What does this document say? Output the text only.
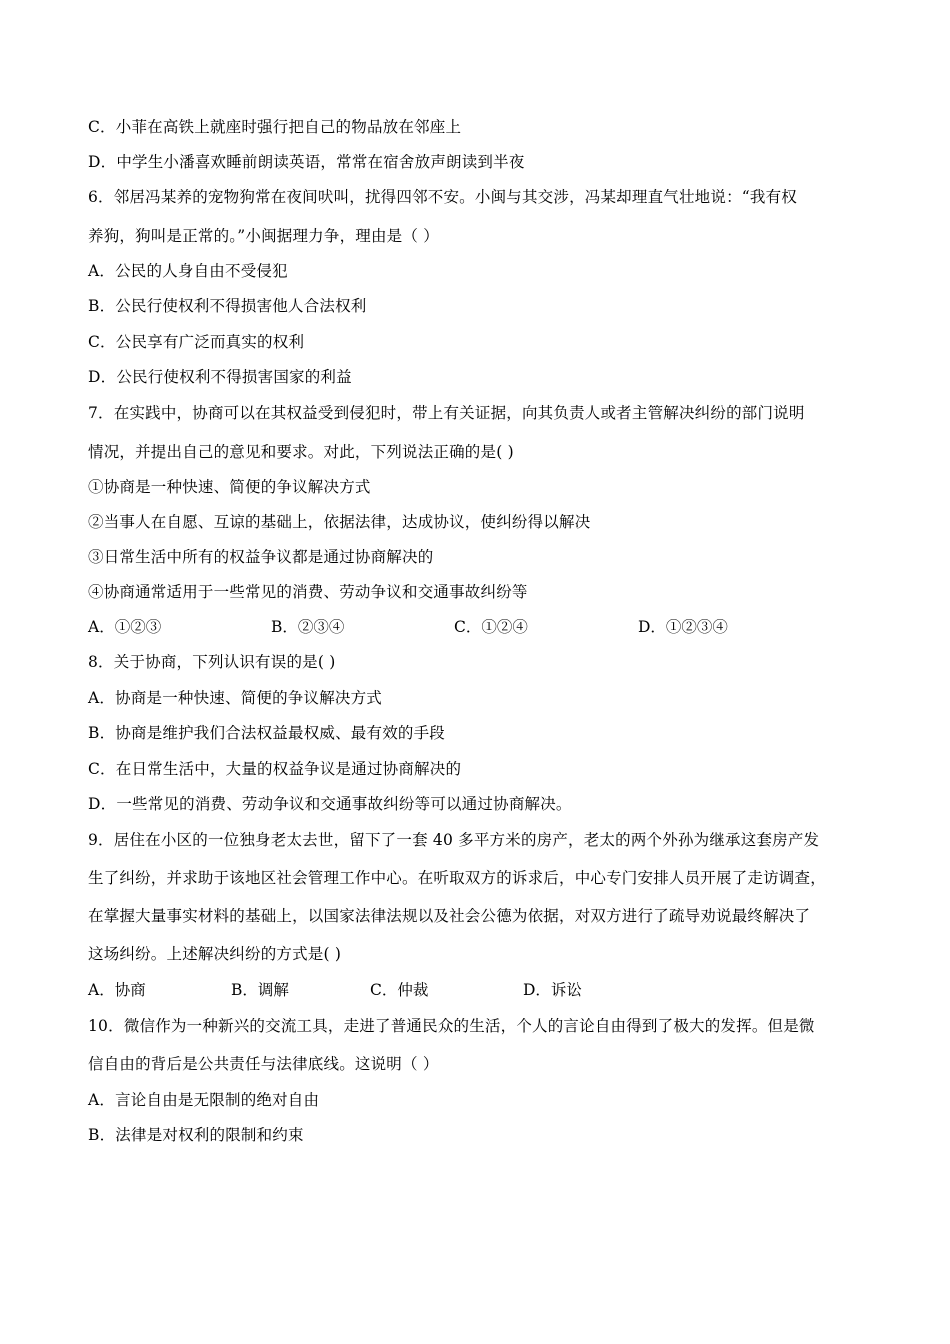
C．小菲在高铁上就座时强行把自己的物品放在邻座上
D．中学生小潘喜欢睡前朗读英语，常常在宿舍放声朗读到半夜
6．邻居冯某养的宠物狗常在夜间吠叫，扰得四邻不安。小闽与其交涉，冯某却理直气壮地说：“我有权
养狗，狗叫是正常的。”小闽据理力争，理由是（ ）
A．公民的人身自由不受侵犯
B．公民行使权利不得损害他人合法权利
C．公民享有广泛而真实的权利
D．公民行使权利不得损害国家的利益
7．在实践中，协商可以在其权益受到侵犯时，带上有关证据，向其负责人或者主管解决纠纷的部门说明
情况，并提出自己的意见和要求。对此，下列说法正确的是( )
①协商是一种快速、简便的争议解决方式
②当事人在自愿、互谅的基础上，依据法律，达成协议，使纠纷得以解决
③日常生活中所有的权益争议都是通过协商解决的
④协商通常适用于一些常见的消费、劳动争议和交通事故纠纷等
A．①②③	B．②③④	C．①②④	D．①②③④
8．关于协商，下列认识有误的是( )
A．协商是一种快速、简便的争议解决方式
B．协商是维护我们合法权益最权威、最有效的手段
C．在日常生活中，大量的权益争议是通过协商解决的
D．一些常见的消费、劳动争议和交通事故纠纷等可以通过协商解决。
9．居住在小区的一位独身老太去世，留下了一套 40 多平方米的房产，老太的两个外孙为继承这套房产发
生了纠纷，并求助于该地区社会管理工作中心。在听取双方的诉求后，中心专门安排人员开展了走访调查，
在掌握大量事实材料的基础上，以国家法律法规以及社会公德为依据，对双方进行了疏导劝说最终解决了
这场纠纷。上述解决纠纷的方式是( )
A．协商	B．调解	C．仲裁	D．诉讼
10．微信作为一种新兴的交流工具，走进了普通民众的生活，个人的言论自由得到了极大的发挥。但是微
信自由的背后是公共责任与法律底线。这说明（ ）
A．言论自由是无限制的绝对自由
B．法律是对权利的限制和约束
